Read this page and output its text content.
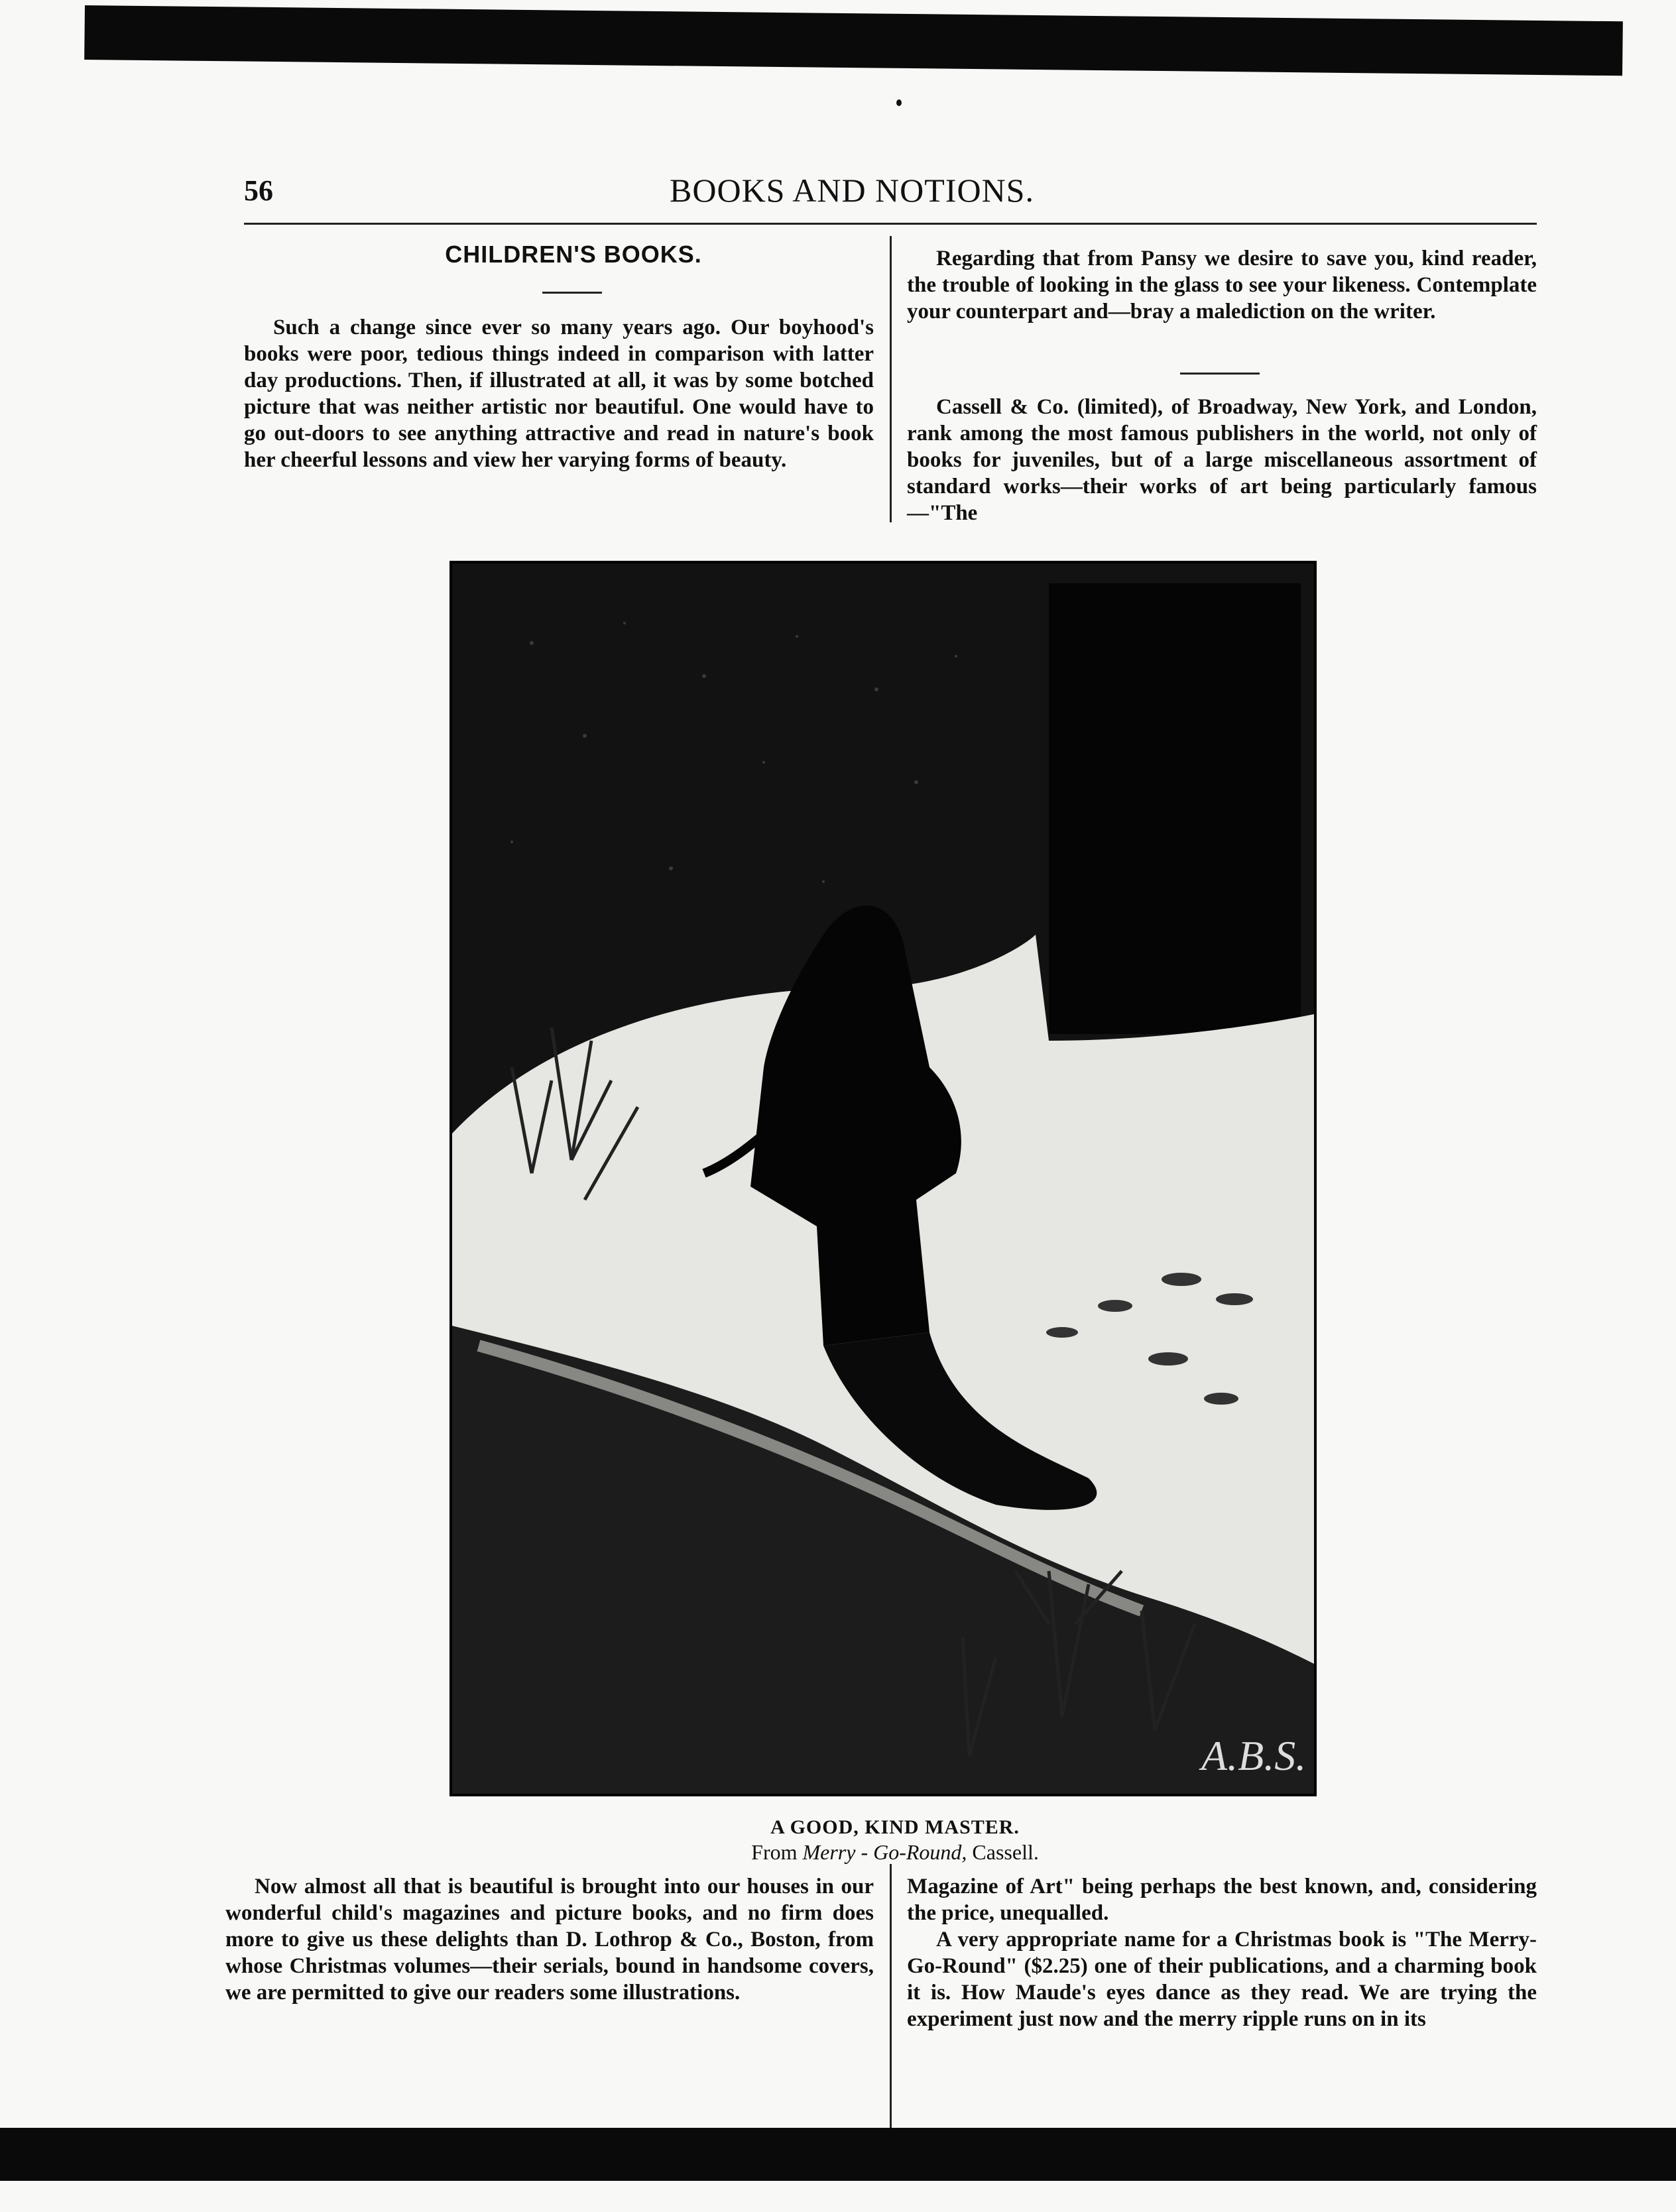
56	BOOKS AND NOTIONS.
CHILDREN'S BOOKS.
Such a change since ever so many years ago. Our boyhood's books were poor, tedious things indeed in comparison with latter day productions. Then, if illustrated at all, it was by some botched picture that was neither artistic nor beautiful. One would have to go out-doors to see anything attractive and read in nature's book her cheerful lessons and view her varying forms of beauty.
Regarding that from Pansy we desire to save you, kind reader, the trouble of looking in the glass to see your likeness. Contemplate your counterpart and—bray a malediction on the writer.
Cassell & Co. (limited), of Broadway, New York, and London, rank among the most famous publishers in the world, not only of books for juveniles, but of a large miscellaneous assortment of standard works—their works of art being particularly famous—"The
A.B.S.
A GOOD, KIND MASTER.
From Merry - Go-Round, Cassell.
Now almost all that is beautiful is brought into our houses in our wonderful child's magazines and picture books, and no firm does more to give us these delights than D. Lothrop & Co., Boston, from whose Christmas volumes—their serials, bound in handsome covers, we are permitted to give our readers some illustrations.
Magazine of Art" being perhaps the best known, and, considering the price, unequalled.
A very appropriate name for a Christmas book is "The Merry-Go-Round" ($2.25) one of their publications, and a charming book it is. How Maude's eyes dance as they read. We are trying the experiment just now and the merry ripple runs on in its
